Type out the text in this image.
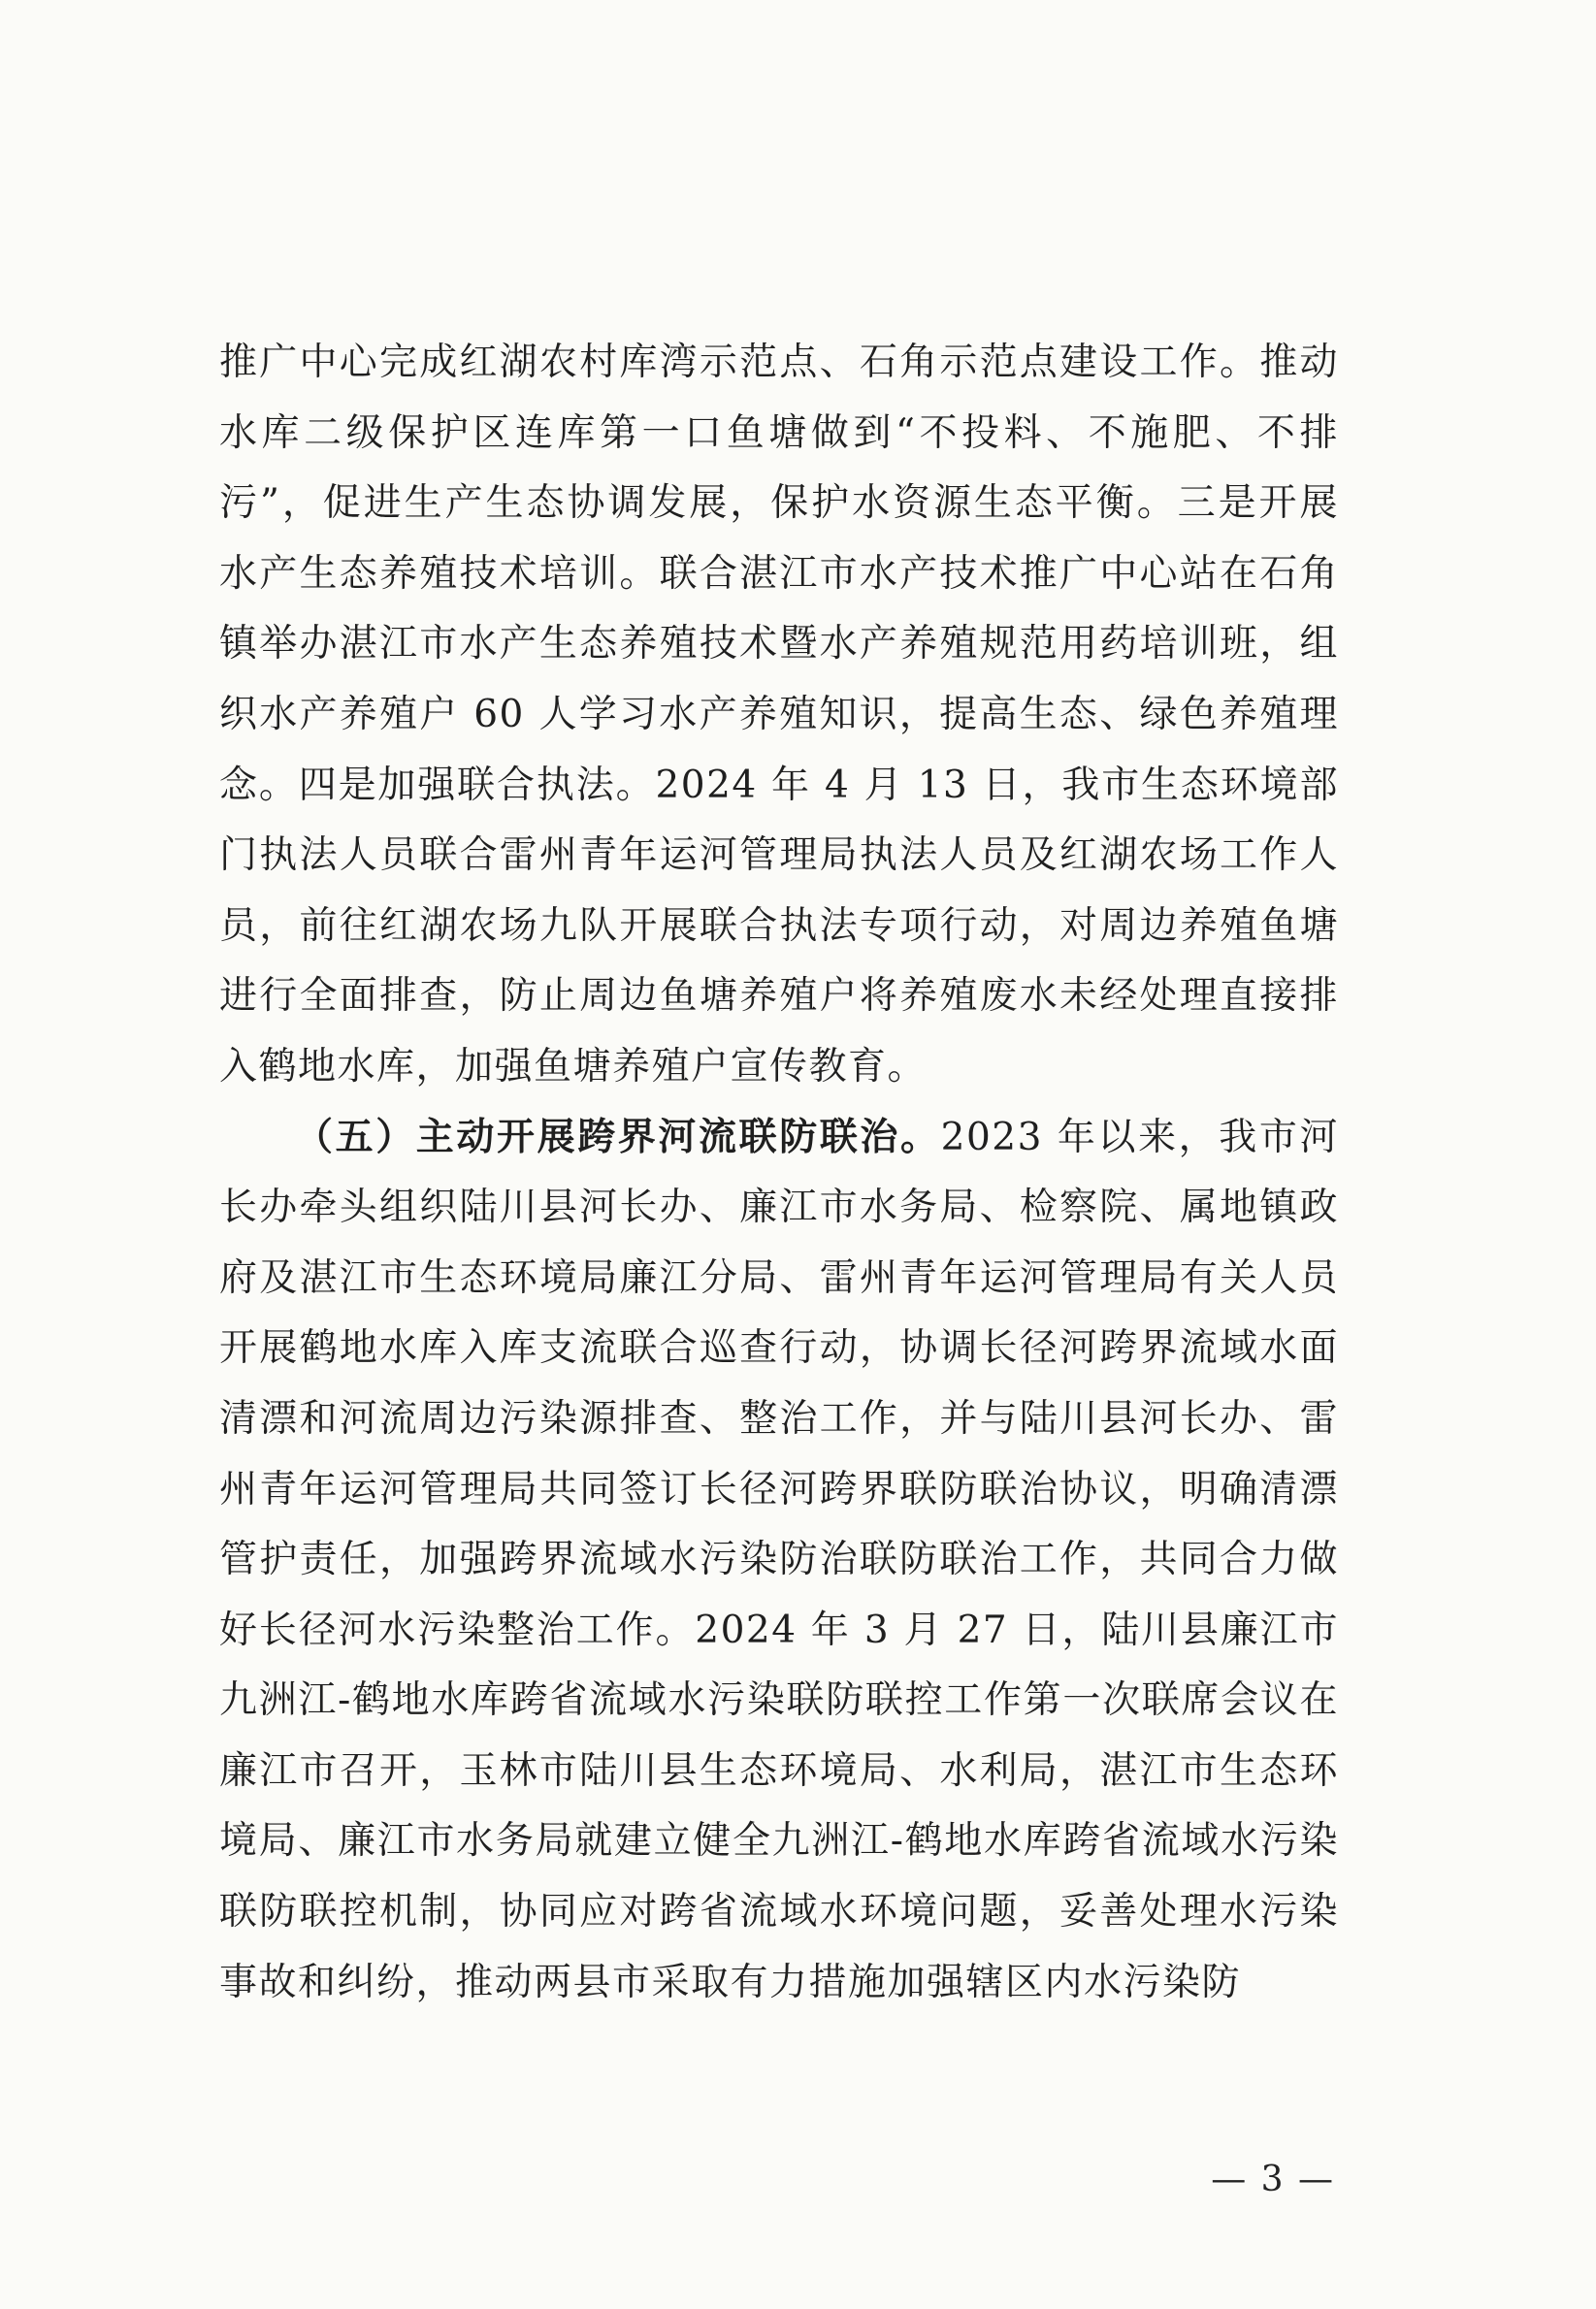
推广中心完成红湖农村库湾示范点、石角示范点建设工作。推动水库二级保护区连库第一口鱼塘做到“不投料、不施肥、不排污”，促进生产生态协调发展，保护水资源生态平衡。三是开展水产生态养殖技术培训。联合湛江市水产技术推广中心站在石角镇举办湛江市水产生态养殖技术暨水产养殖规范用药培训班，组织水产养殖户 60 人学习水产养殖知识，提高生态、绿色养殖理念。四是加强联合执法。2024 年 4 月 13 日，我市生态环境部门执法人员联合雷州青年运河管理局执法人员及红湖农场工作人员，前往红湖农场九队开展联合执法专项行动，对周边养殖鱼塘进行全面排查，防止周边鱼塘养殖户将养殖废水未经处理直接排入鹤地水库，加强鱼塘养殖户宣传教育。

（五）主动开展跨界河流联防联治。2023 年以来，我市河长办牵头组织陆川县河长办、廉江市水务局、检察院、属地镇政府及湛江市生态环境局廉江分局、雷州青年运河管理局有关人员开展鹤地水库入库支流联合巡查行动，协调长径河跨界流域水面清漂和河流周边污染源排查、整治工作，并与陆川县河长办、雷州青年运河管理局共同签订长径河跨界联防联治协议，明确清漂管护责任，加强跨界流域水污染防治联防联治工作，共同合力做好长径河水污染整治工作。2024 年 3 月 27 日，陆川县廉江市九洲江-鹤地水库跨省流域水污染联防联控工作第一次联席会议在廉江市召开，玉林市陆川县生态环境局、水利局，湛江市生态环境局、廉江市水务局就建立健全九洲江-鹤地水库跨省流域水污染联防联控机制，协同应对跨省流域水环境问题，妥善处理水污染事故和纠纷，推动两县市采取有力措施加强辖区内水污染防

— 3 —
